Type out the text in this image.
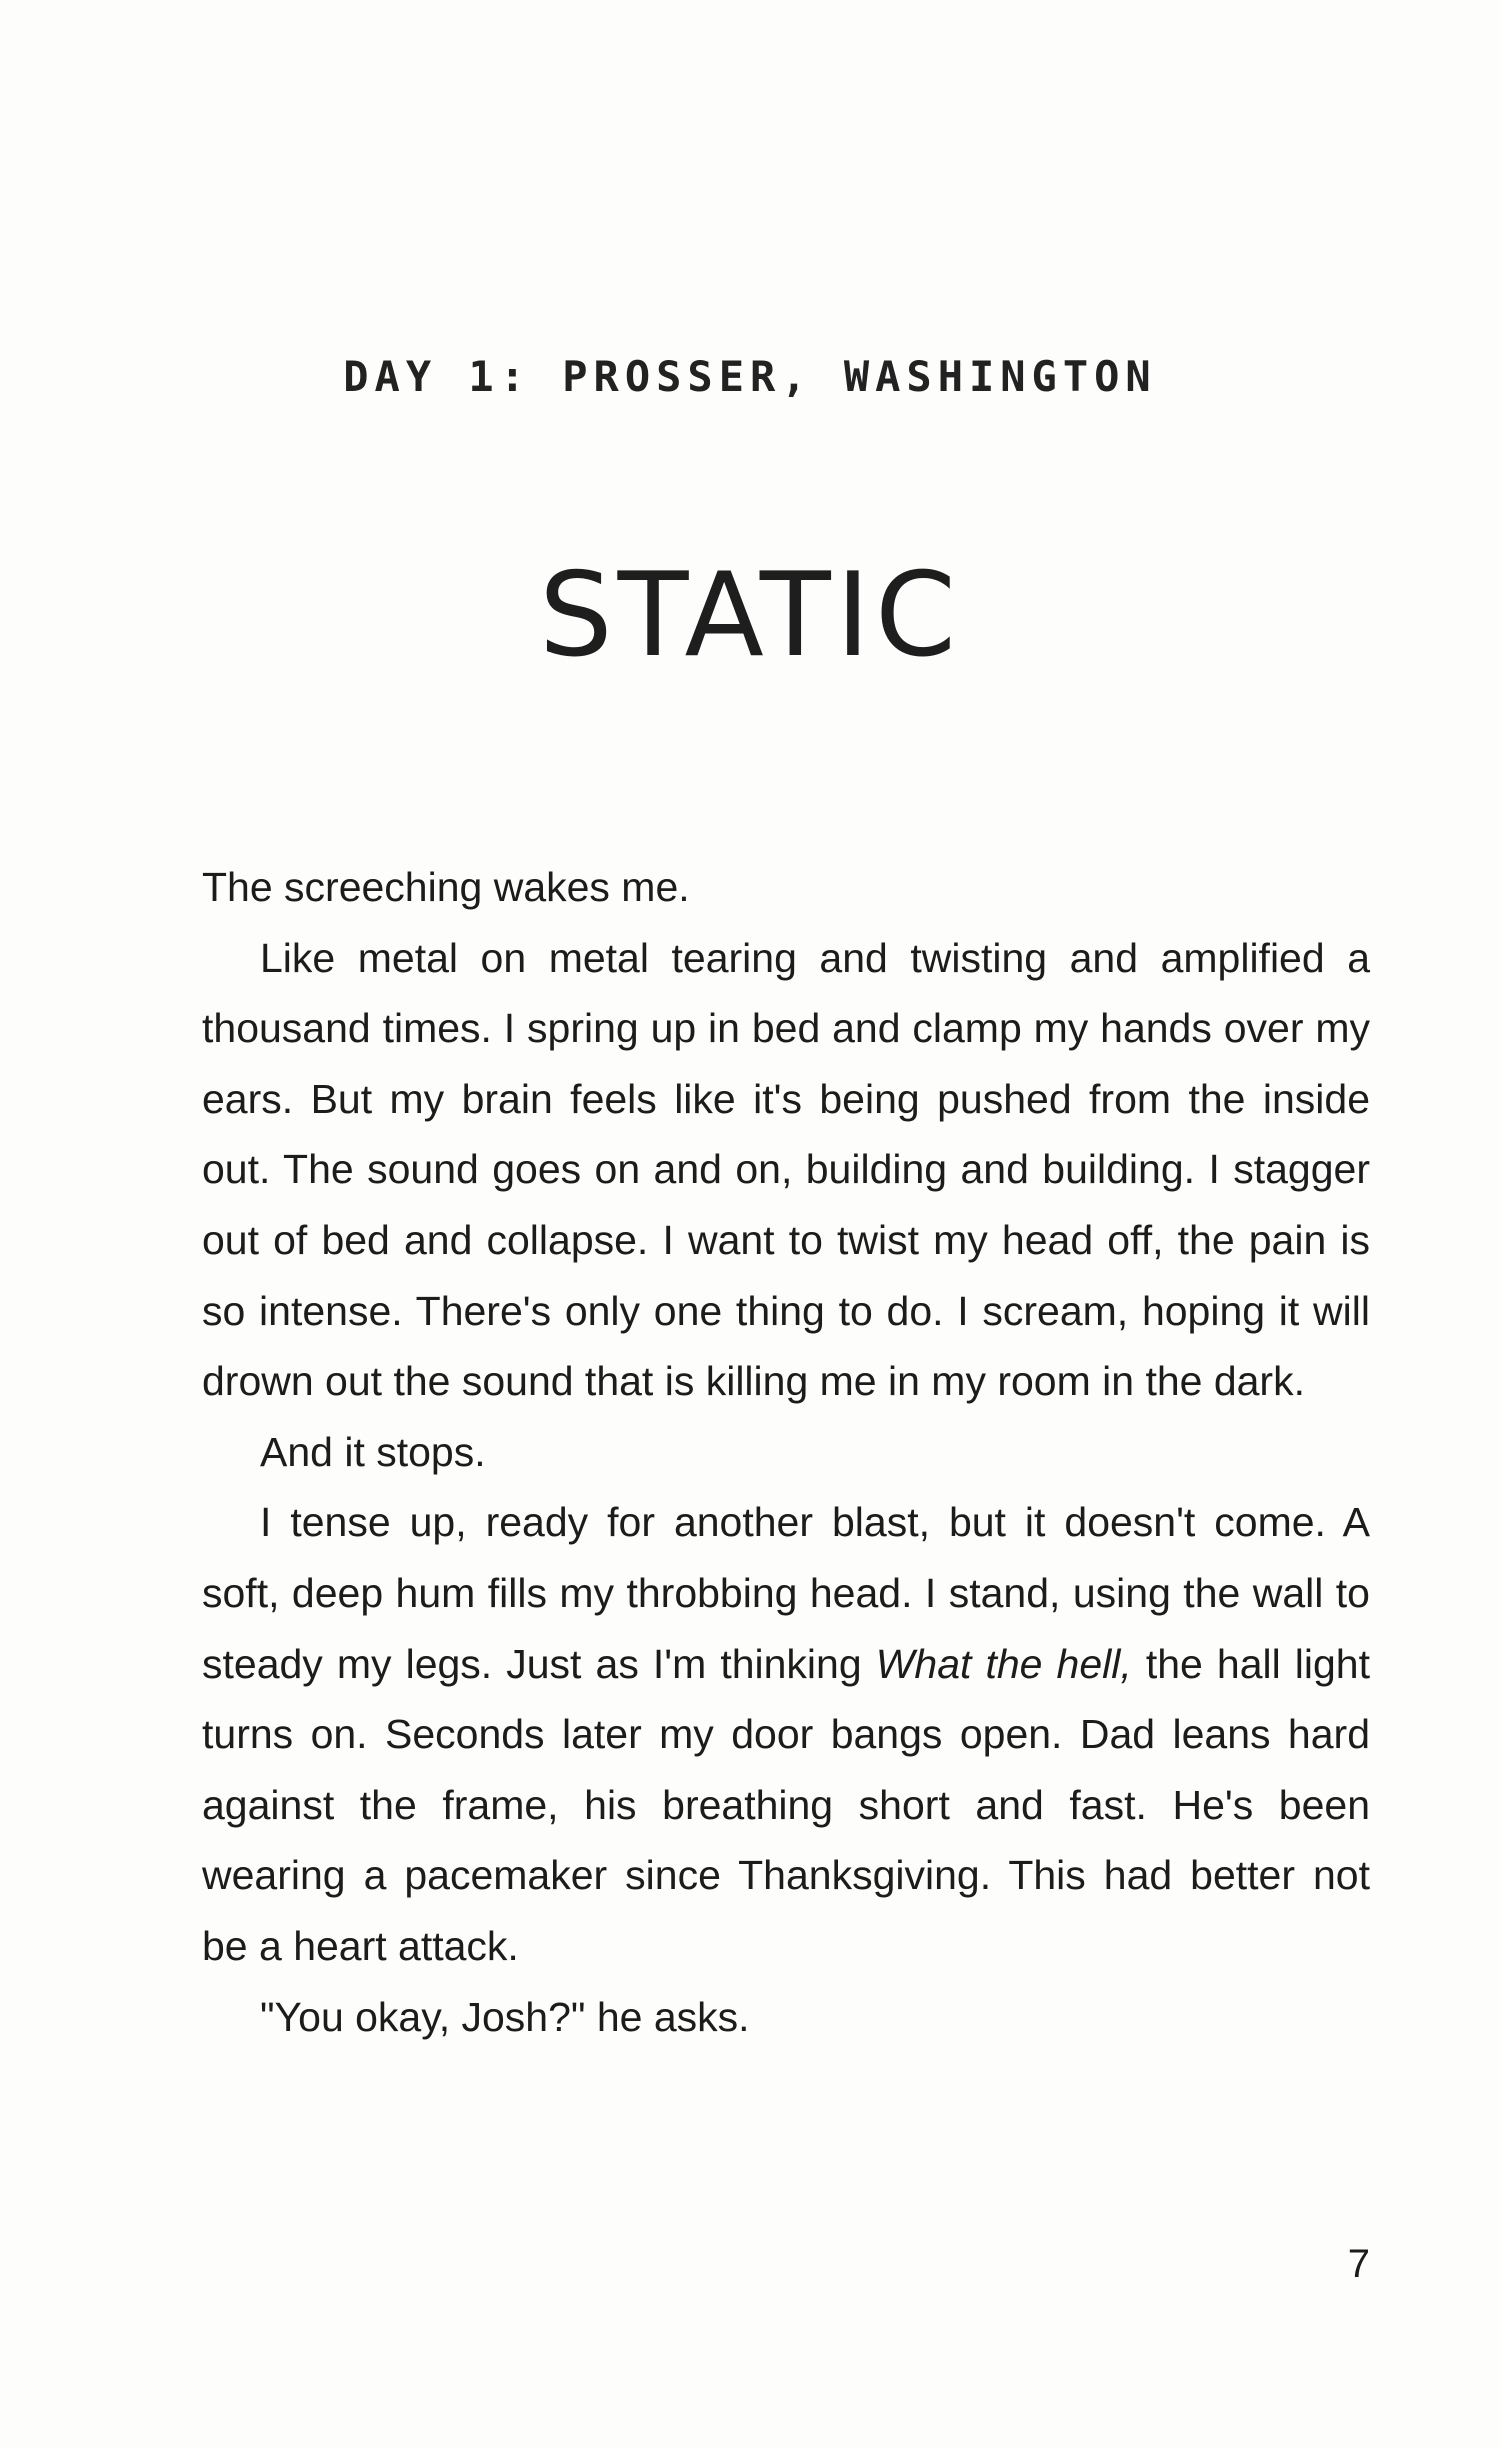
DAY 1: PROSSER, WASHINGTON
STATIC

The screeching wakes me.

Like metal on metal tearing and twisting and amplified a thousand times. I spring up in bed and clamp my hands over my ears. But my brain feels like it's being pushed from the inside out. The sound goes on and on, building and building. I stagger out of bed and collapse. I want to twist my head off, the pain is so intense. There's only one thing to do. I scream, hoping it will drown out the sound that is killing me in my room in the dark.

And it stops.

I tense up, ready for another blast, but it doesn't come. A soft, deep hum fills my throbbing head. I stand, using the wall to steady my legs. Just as I'm thinking What the hell, the hall light turns on. Seconds later my door bangs open. Dad leans hard against the frame, his breathing short and fast. He's been wearing a pacemaker since Thanksgiving. This had better not be a heart attack.

"You okay, Josh?" he asks.

7
